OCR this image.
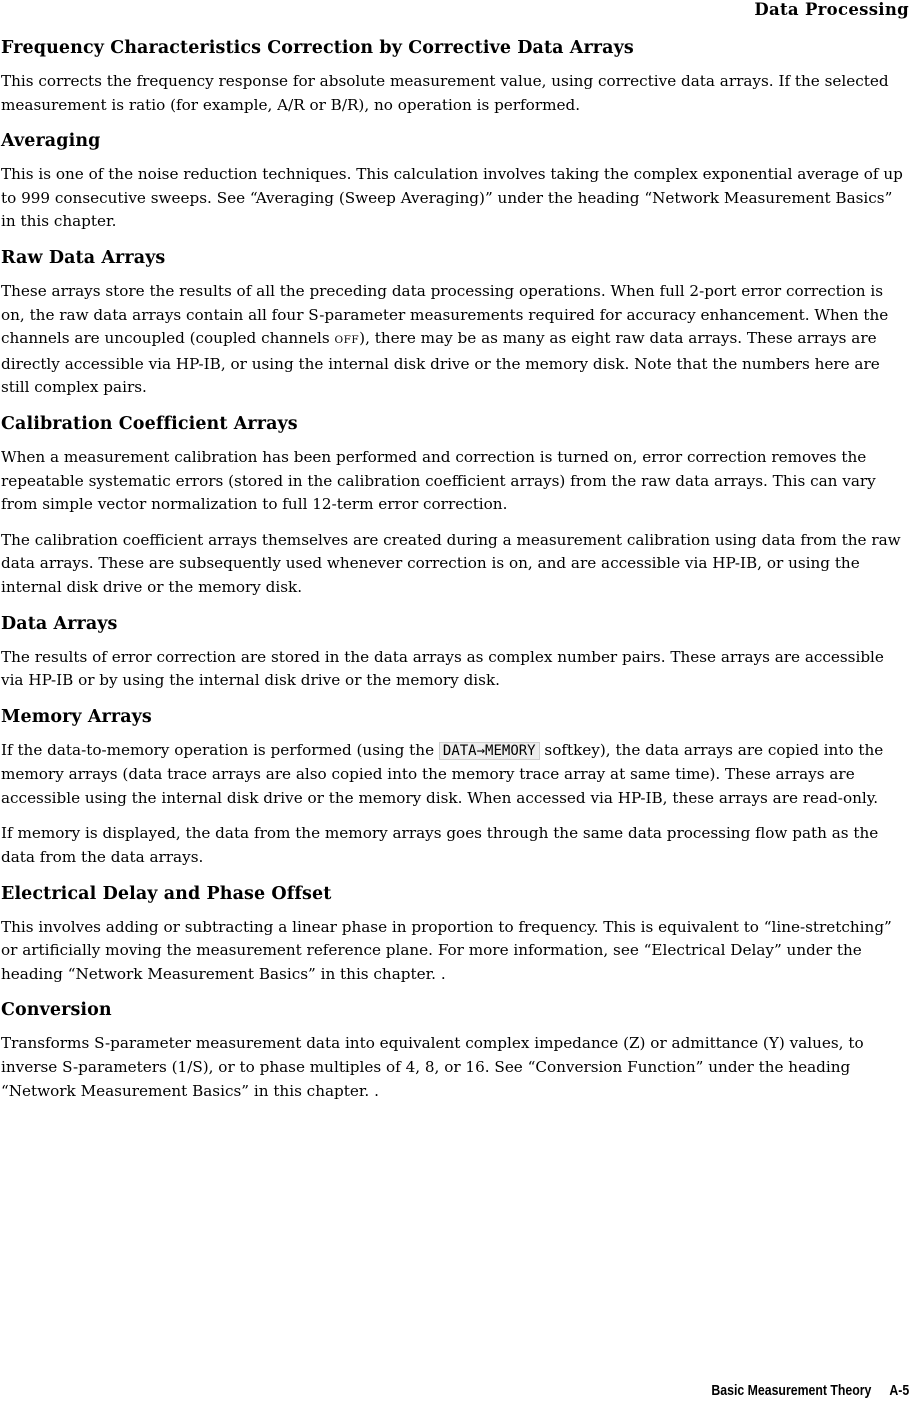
Data Processing
Frequency Characteristics Correction by Corrective Data Arrays

This corrects the frequency response for absolute measurement value, using corrective data arrays. If the selected measurement is ratio (for example, A/R or B/R), no operation is performed.

Averaging

This is one of the noise reduction techniques. This calculation involves taking the complex exponential average of up to 999 consecutive sweeps. See “Averaging (Sweep Averaging)” under the heading “Network Measurement Basics” in this chapter.

Raw Data Arrays

These arrays store the results of all the preceding data processing operations. When full 2-port error correction is on, the raw data arrays contain all four S-parameter measurements required for accuracy enhancement. When the channels are uncoupled (coupled channels OFF), there may be as many as eight raw data arrays. These arrays are directly accessible via HP-IB, or using the internal disk drive or the memory disk. Note that the numbers here are still complex pairs.

Calibration Coefficient Arrays

When a measurement calibration has been performed and correction is turned on, error correction removes the repeatable systematic errors (stored in the calibration coefficient arrays) from the raw data arrays. This can vary from simple vector normalization to full 12-term error correction.

The calibration coefficient arrays themselves are created during a measurement calibration using data from the raw data arrays. These are subsequently used whenever correction is on, and are accessible via HP-IB, or using the internal disk drive or the memory disk.

Data Arrays

The results of error correction are stored in the data arrays as complex number pairs. These arrays are accessible via HP-IB or by using the internal disk drive or the memory disk.

Memory Arrays

If the data-to-memory operation is performed (using the DATA→MEMORY softkey), the data arrays are copied into the memory arrays (data trace arrays are also copied into the memory trace array at same time). These arrays are accessible using the internal disk drive or the memory disk. When accessed via HP-IB, these arrays are read-only.

If memory is displayed, the data from the memory arrays goes through the same data processing flow path as the data from the data arrays.

Electrical Delay and Phase Offset

This involves adding or subtracting a linear phase in proportion to frequency. This is equivalent to “line-stretching” or artificially moving the measurement reference plane. For more information, see “Electrical Delay” under the heading “Network Measurement Basics” in this chapter. .

Conversion

Transforms S-parameter measurement data into equivalent complex impedance (Z) or admittance (Y) values, to inverse S-parameters (1/S), or to phase multiples of 4, 8, or 16. See “Conversion Function” under the heading “Network Measurement Basics” in this chapter. .

Basic Measurement Theory A-5
